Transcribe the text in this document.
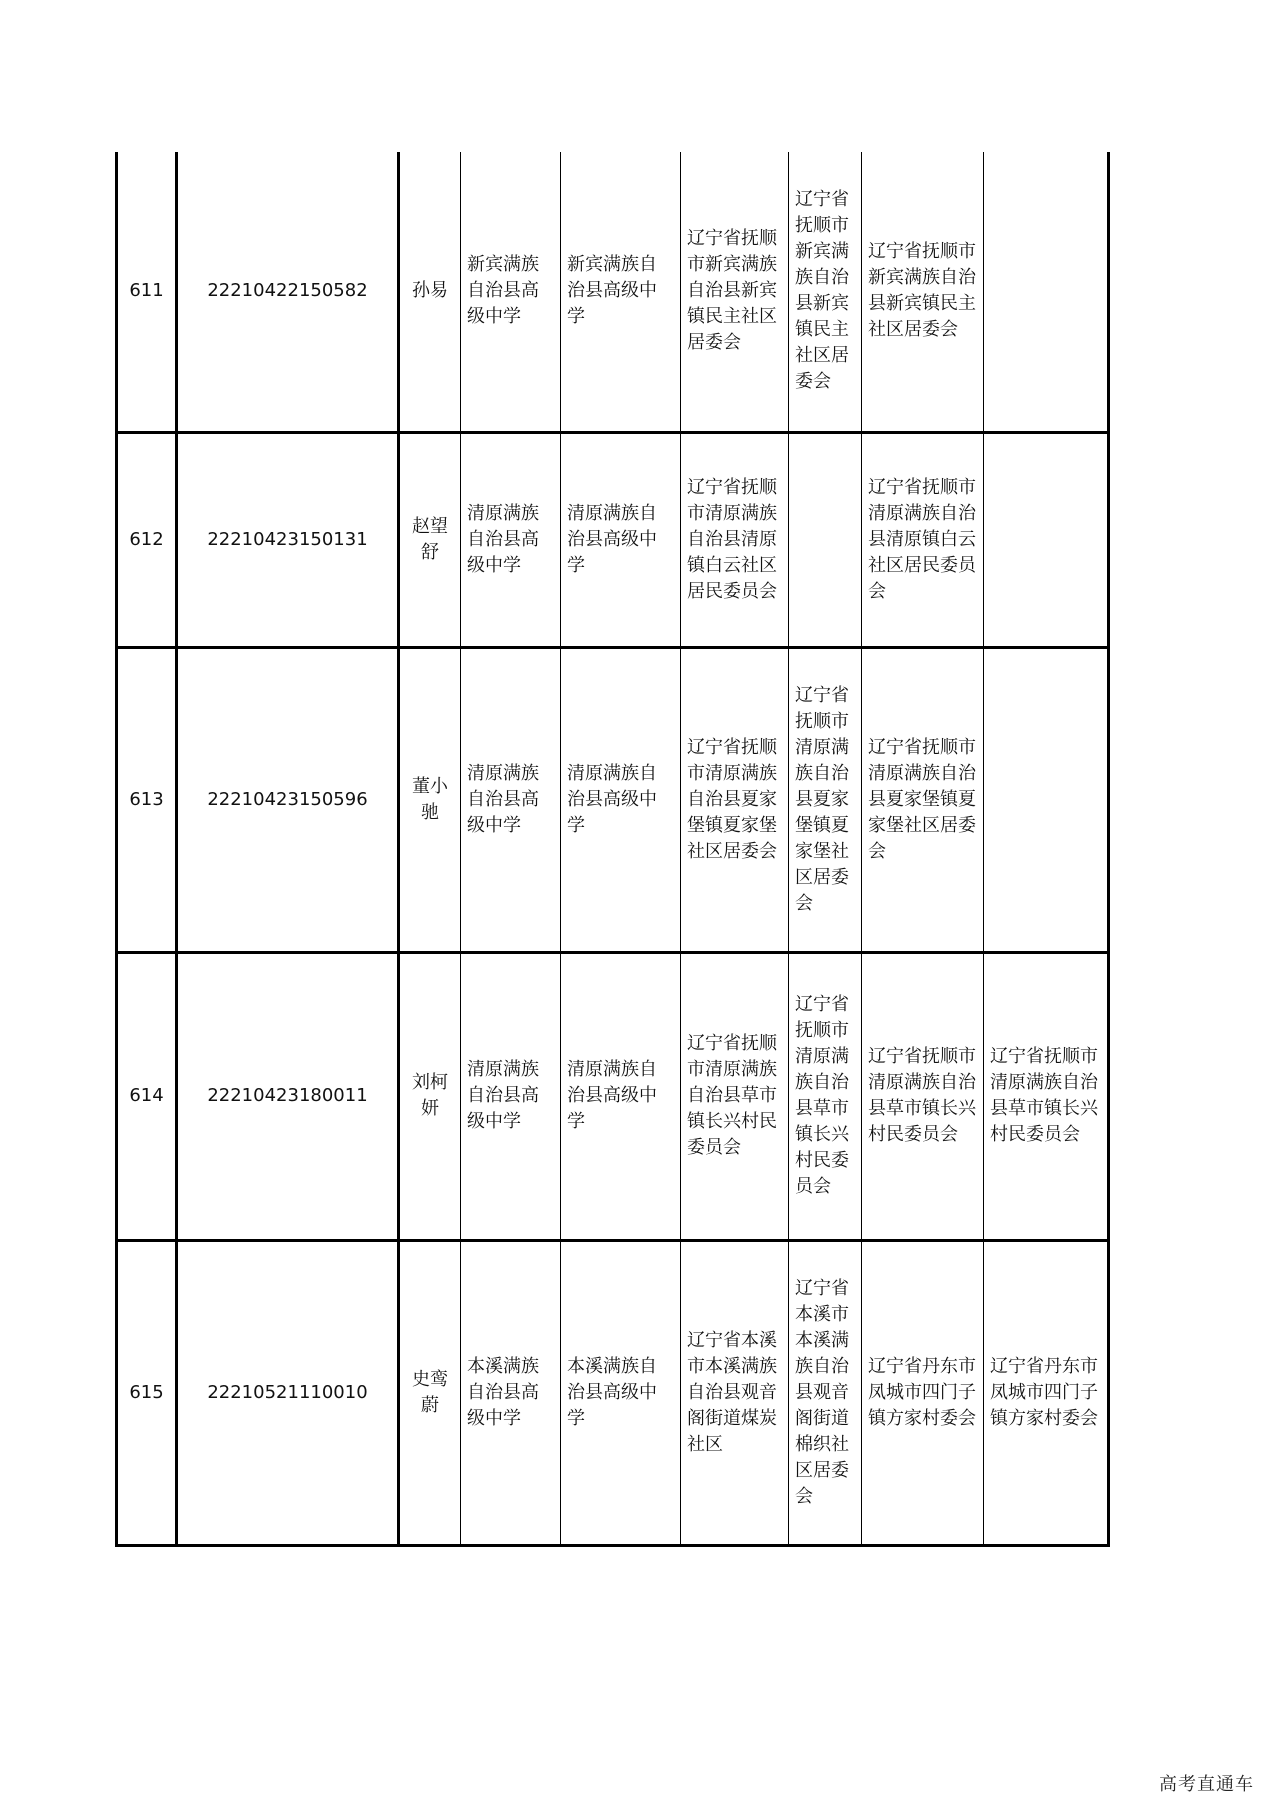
611	22210422150582	孙易	新宾满族自治县高级中学	新宾满族自治县高级中学	辽宁省抚顺市新宾满族自治县新宾镇民主社区居委会	辽宁省抚顺市新宾满族自治县新宾镇民主社区居委会	辽宁省抚顺市新宾满族自治县新宾镇民主社区居委会	
612	22210423150131	赵望舒	清原满族自治县高级中学	清原满族自治县高级中学	辽宁省抚顺市清原满族自治县清原镇白云社区居民委员会		辽宁省抚顺市清原满族自治县清原镇白云社区居民委员会	
613	22210423150596	董小驰	清原满族自治县高级中学	清原满族自治县高级中学	辽宁省抚顺市清原满族自治县夏家堡镇夏家堡社区居委会	辽宁省抚顺市清原满族自治县夏家堡镇夏家堡社区居委会	辽宁省抚顺市清原满族自治县夏家堡镇夏家堡社区居委会	
614	22210423180011	刘柯妍	清原满族自治县高级中学	清原满族自治县高级中学	辽宁省抚顺市清原满族自治县草市镇长兴村民委员会	辽宁省抚顺市清原满族自治县草市镇长兴村民委员会	辽宁省抚顺市清原满族自治县草市镇长兴村民委员会	辽宁省抚顺市清原满族自治县草市镇长兴村民委员会
615	22210521110010	史鸾蔚	本溪满族自治县高级中学	本溪满族自治县高级中学	辽宁省本溪市本溪满族自治县观音阁街道煤炭社区	辽宁省本溪市本溪满族自治县观音阁街道棉织社区居委会	辽宁省丹东市凤城市四门子镇方家村委会	辽宁省丹东市凤城市四门子镇方家村委会
高考直通车
